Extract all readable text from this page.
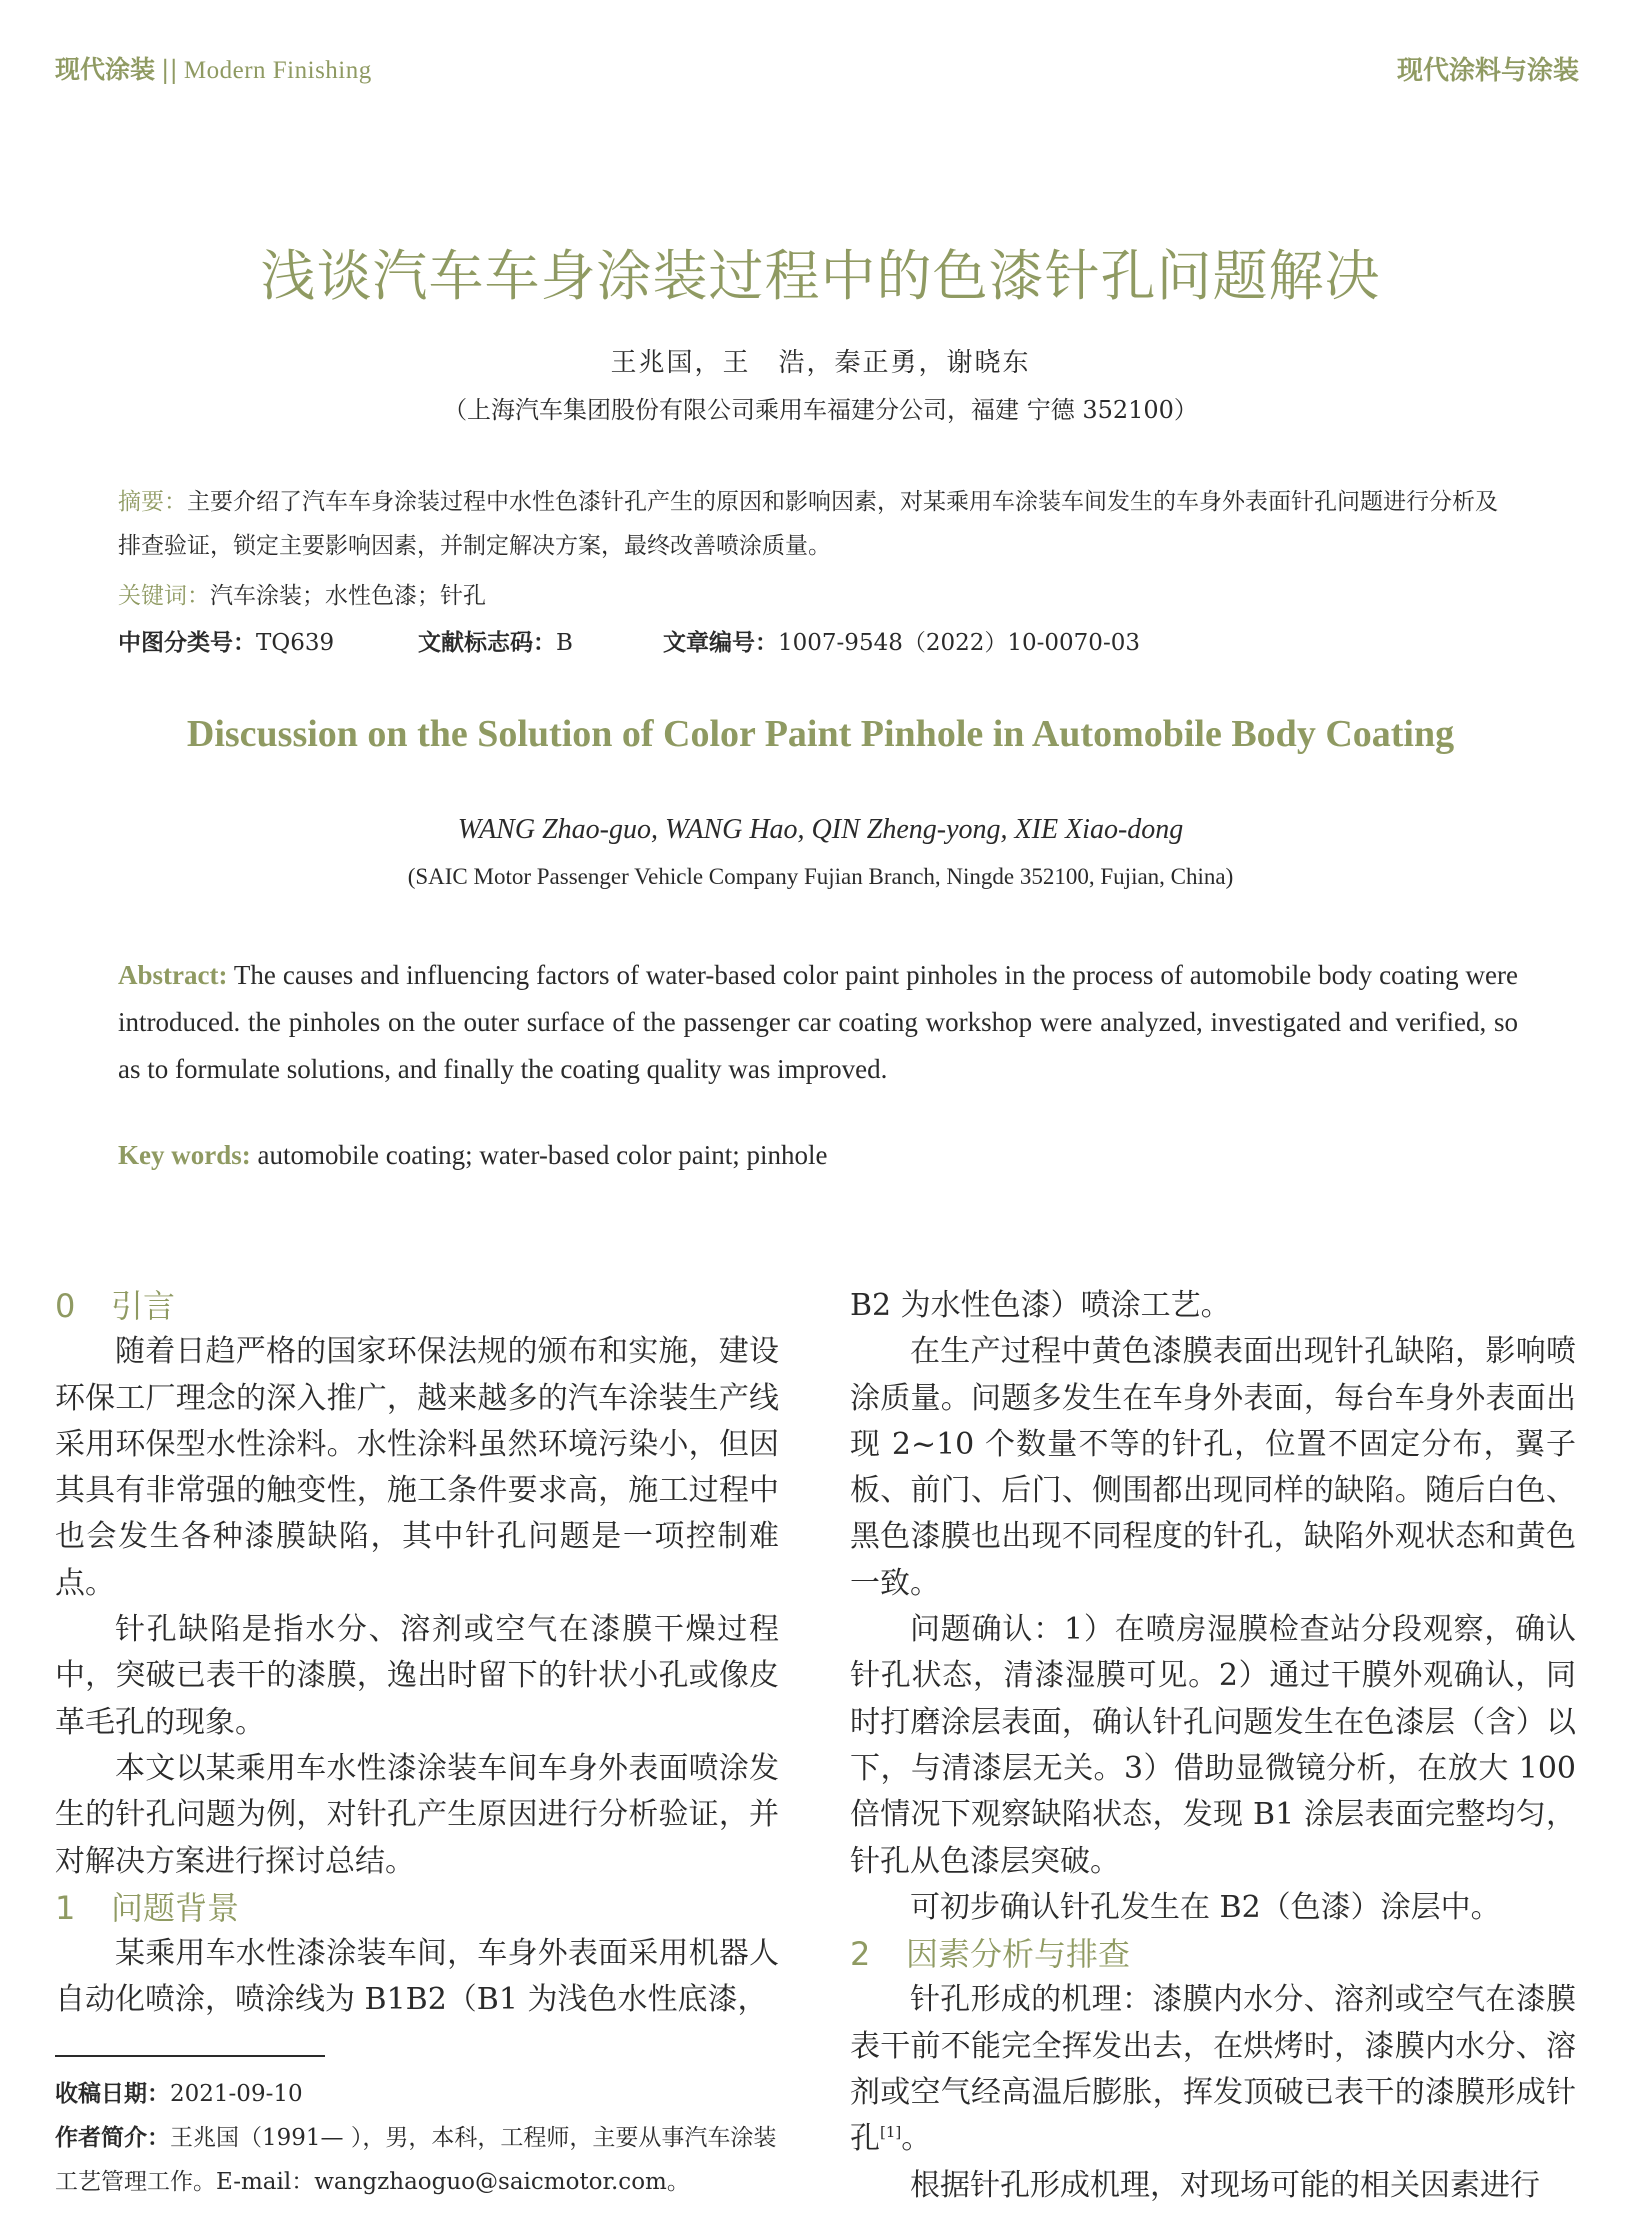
现代涂装 || Modern Finishing	现代涂料与涂装
浅谈汽车车身涂装过程中的色漆针孔问题解决
王兆国，王　浩，秦正勇，谢晓东
（上海汽车集团股份有限公司乘用车福建分公司，福建 宁德 352100）
摘要：主要介绍了汽车车身涂装过程中水性色漆针孔产生的原因和影响因素，对某乘用车涂装车间发生的车身外表面针孔问题进行分析及排查验证，锁定主要影响因素，并制定解决方案，最终改善喷涂质量。
关键词：汽车涂装；水性色漆；针孔
中图分类号：TQ639	文献标志码：B	文章编号：1007-9548（2022）10-0070-03
Discussion on the Solution of Color Paint Pinhole in Automobile Body Coating
WANG Zhao-guo, WANG Hao, QIN Zheng-yong, XIE Xiao-dong
(SAIC Motor Passenger Vehicle Company Fujian Branch, Ningde 352100, Fujian, China)
Abstract: The causes and influencing factors of water-based color paint pinholes in the process of automobile body coating were introduced. the pinholes on the outer surface of the passenger car coating workshop were analyzed, investigated and verified, so as to formulate solutions, and finally the coating quality was improved.
Key words: automobile coating; water-based color paint; pinhole
0 引言

随着日趋严格的国家环保法规的颁布和实施，建设环保工厂理念的深入推广，越来越多的汽车涂装生产线采用环保型水性涂料。水性涂料虽然环境污染小，但因其具有非常强的触变性，施工条件要求高，施工过程中也会发生各种漆膜缺陷，其中针孔问题是一项控制难点。

针孔缺陷是指水分、溶剂或空气在漆膜干燥过程中，突破已表干的漆膜，逸出时留下的针状小孔或像皮革毛孔的现象。

本文以某乘用车水性漆涂装车间车身外表面喷涂发生的针孔问题为例，对针孔产生原因进行分析验证，并对解决方案进行探讨总结。

1 问题背景

某乘用车水性漆涂装车间，车身外表面采用机器人自动化喷涂，喷涂线为 B1B2（B1 为浅色水性底漆，

B2 为水性色漆）喷涂工艺。

在生产过程中黄色漆膜表面出现针孔缺陷，影响喷涂质量。问题多发生在车身外表面，每台车身外表面出现 2~10 个数量不等的针孔，位置不固定分布，翼子板、前门、后门、侧围都出现同样的缺陷。随后白色、黑色漆膜也出现不同程度的针孔，缺陷外观状态和黄色一致。

问题确认：1）在喷房湿膜检查站分段观察，确认针孔状态，清漆湿膜可见。2）通过干膜外观确认，同时打磨涂层表面，确认针孔问题发生在色漆层（含）以下，与清漆层无关。3）借助显微镜分析，在放大 100 倍情况下观察缺陷状态，发现 B1 涂层表面完整均匀，针孔从色漆层突破。

可初步确认针孔发生在 B2（色漆）涂层中。

2 因素分析与排查

针孔形成的机理：漆膜内水分、溶剂或空气在漆膜表干前不能完全挥发出去，在烘烤时，漆膜内水分、溶剂或空气经高温后膨胀，挥发顶破已表干的漆膜形成针孔[1]。

根据针孔形成机理，对现场可能的相关因素进行

收稿日期：2021-09-10
作者简介：王兆国（1991— ），男，本科，工程师，主要从事汽车涂装工艺管理工作。E-mail：wangzhaoguo@saicmotor.com。
